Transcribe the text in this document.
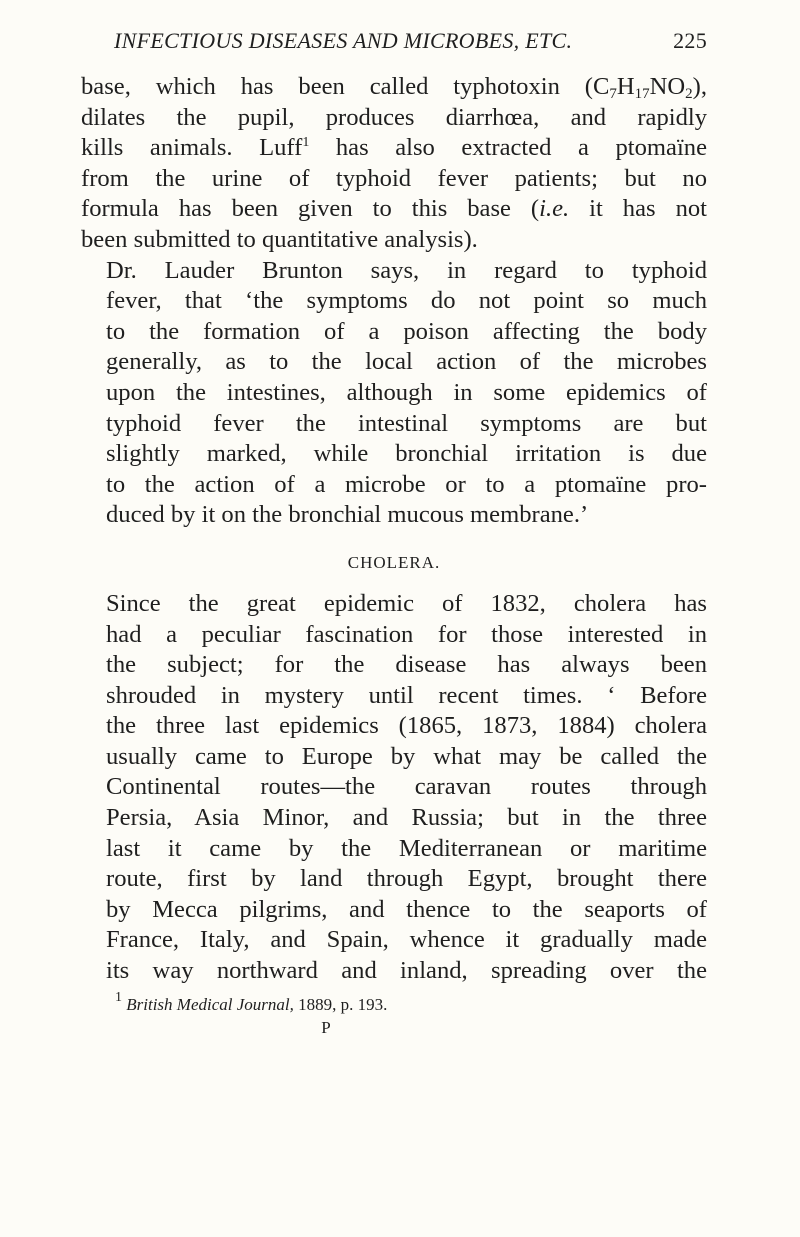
INFECTIOUS DISEASES AND MICROBES, ETC.	225

base, which has been called typhotoxin $(C_7H_{17}NO_2)$,
dilates the pupil, produces diarrhœa, and rapidly
kills animals. Luff$^1$ has also extracted a ptomaïne
from the urine of typhoid fever patients; but no
formula has been given to this base (i.e. it has not
been submitted to quantitative analysis).

Dr. Lauder Brunton says, in regard to typhoid
fever, that ‘the symptoms do not point so much
to the formation of a poison affecting the body
generally, as to the local action of the microbes
upon the intestines, although in some epidemics of
typhoid fever the intestinal symptoms are but
slightly marked, while bronchial irritation is due
to the action of a microbe or to a ptomaïne pro-
duced by it on the bronchial mucous membrane.’

CHOLERA.

Since the great epidemic of 1832, cholera has
had a peculiar fascination for those interested in
the subject; for the disease has always been
shrouded in mystery until recent times. ‘ Before
the three last epidemics (1865, 1873, 1884) cholera
usually came to Europe by what may be called the
Continental routes—the caravan routes through
Persia, Asia Minor, and Russia; but in the three
last it came by the Mediterranean or maritime
route, first by land through Egypt, brought there
by Mecca pilgrims, and thence to the seaports of
France, Italy, and Spain, whence it gradually made
its way northward and inland, spreading over the

$^1$ British Medical Journal, 1889, p. 193.
P
